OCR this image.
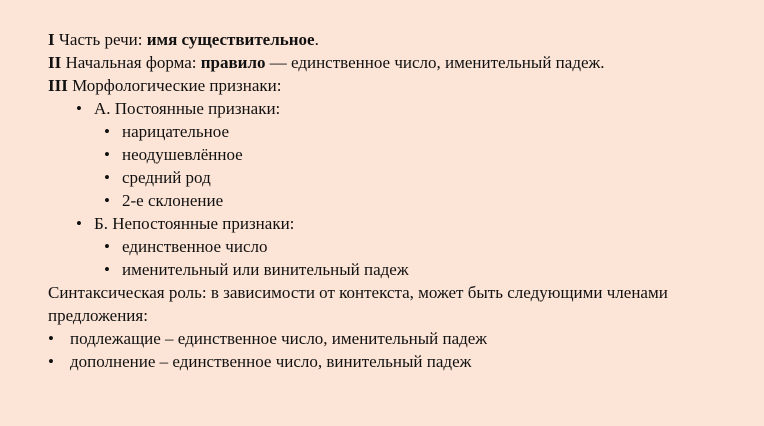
I Часть речи: имя существительное.
II Начальная форма: правило — единственное число, именительный падеж.
III Морфологические признаки:
• А. Постоянные признаки:
• нарицательное
• неодушевлённое
• средний род
• 2-е склонение
• Б. Непостоянные признаки:
• единственное число
• именительный или винительный падеж
Синтаксическая роль: в зависимости от контекста, может быть следующими членами предложения:
• подлежащие – единственное число, именительный падеж
• дополнение – единственное число, винительный падеж
